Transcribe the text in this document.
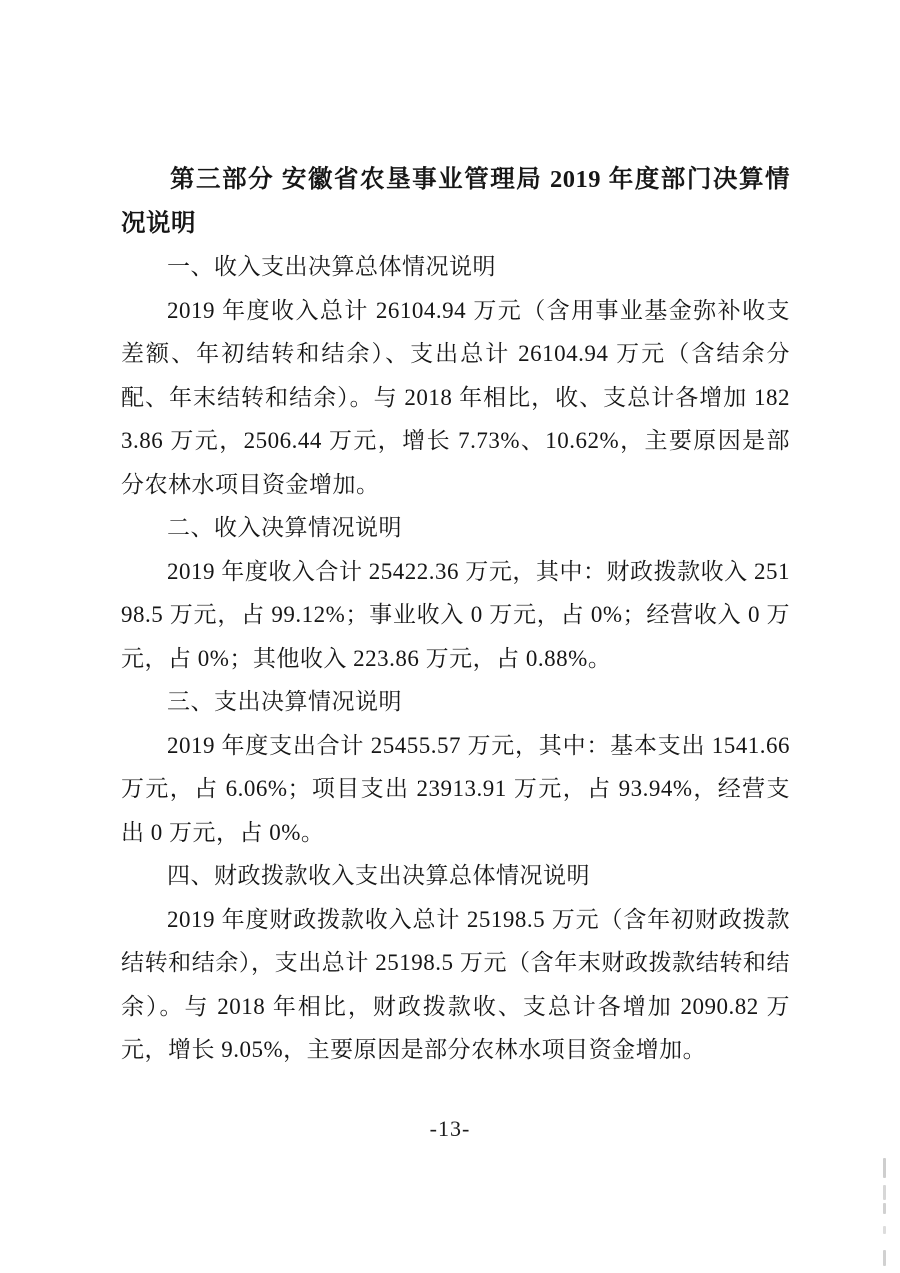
第三部分 安徽省农垦事业管理局 2019 年度部门决算情况说明

一、收入支出决算总体情况说明

2019 年度收入总计 26104.94 万元（含用事业基金弥补收支差额、年初结转和结余）、支出总计 26104.94 万元（含结余分配、年末结转和结余）。与 2018 年相比，收、支总计各增加 1823.86 万元，2506.44 万元，增长 7.73%、10.62%，主要原因是部分农林水项目资金增加。

二、收入决算情况说明

2019 年度收入合计 25422.36 万元，其中：财政拨款收入 25198.5 万元，占 99.12%；事业收入 0 万元，占 0%；经营收入 0 万元，占 0%；其他收入 223.86 万元，占 0.88%。

三、支出决算情况说明

2019 年度支出合计 25455.57 万元，其中：基本支出 1541.66 万元，占 6.06%；项目支出 23913.91 万元，占 93.94%，经营支出 0 万元，占 0%。

四、财政拨款收入支出决算总体情况说明

2019 年度财政拨款收入总计 25198.5 万元（含年初财政拨款结转和结余），支出总计 25198.5 万元（含年末财政拨款结转和结余）。与 2018 年相比，财政拨款收、支总计各增加 2090.82 万元，增长 9.05%，主要原因是部分农林水项目资金增加。

-13-
